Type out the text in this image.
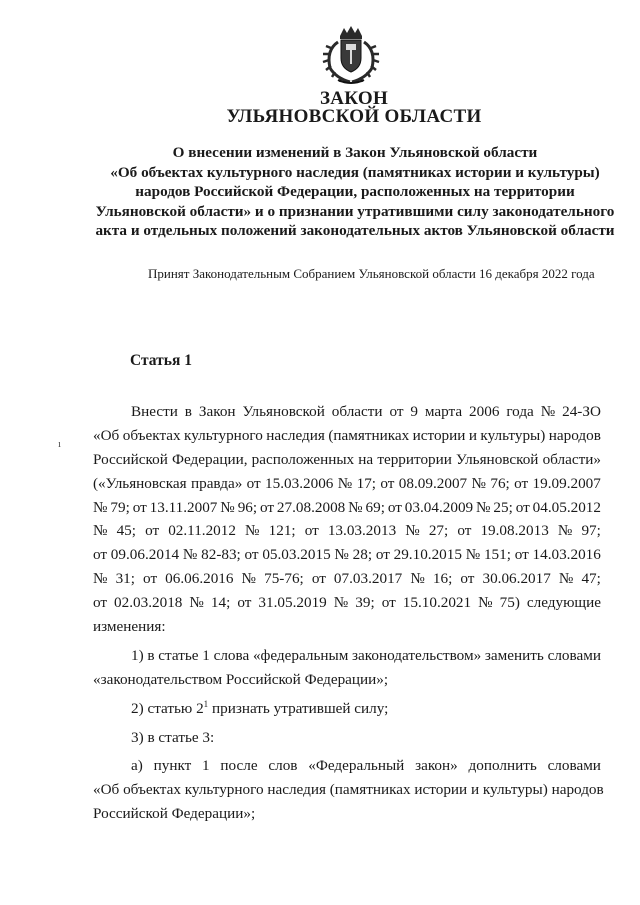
ЗАКОН
УЛЬЯНОВСКОЙ ОБЛАСТИ
О внесении изменений в Закон Ульяновской области
«Об объектах культурного наследия (памятниках истории и культуры)
народов Российской Федерации, расположенных на территории
Ульяновской области» и о признании утратившими силу законодательного
акта и отдельных положений законодательных актов Ульяновской области
Принят Законодательным Собранием Ульяновской области 16 декабря 2022 года
Статья 1
ı
Внести в Закон Ульяновской области от 9 марта 2006 года № 24-ЗО
«Об объектах культурного наследия (памятниках истории и культуры) народов
Российской Федерации, расположенных на территории Ульяновской области»
(«Ульяновская правда» от 15.03.2006 № 17; от 08.09.2007 № 76; от 19.09.2007
№ 79; от 13.11.2007 № 96; от 27.08.2008 № 69; от 03.04.2009 № 25; от 04.05.2012
№ 45; от 02.11.2012 № 121; от 13.03.2013 № 27; от 19.08.2013 № 97;
от 09.06.2014 № 82-83; от 05.03.2015 № 28; от 29.10.2015 № 151; от 14.03.2016
№ 31; от 06.06.2016 № 75-76; от 07.03.2017 № 16; от 30.06.2017 № 47;
от 02.03.2018 № 14; от 31.05.2019 № 39; от 15.10.2021 № 75) следующие
изменения:
1) в статье 1 слова «федеральным законодательством» заменить словами
«законодательством Российской Федерации»;
2) статью $2^1$ признать утратившей силу;
3) в статье 3:
а) пункт 1 после слов «Федеральный закон» дополнить словами
«Об объектах культурного наследия (памятниках истории и культуры) народов
Российской Федерации»;
